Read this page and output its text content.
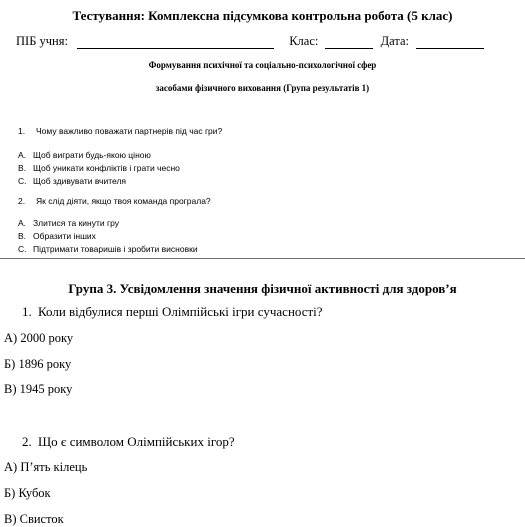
Тестування: Комплексна підсумкова контрольна робота (5 клас)
ПІБ учня:	Клас:	Дата:
Формування психічної та соціально-психологічної сфер
засобами фізичного виховання (Група результатів 1)
1. Чому важливо поважати партнерів під час гри?
A. Щоб виграти будь-якою ціною
B. Щоб уникати конфліктів і грати чесно
C. Щоб здивувати вчителя
2. Як слід діяти, якщо твоя команда програла?
A. Злитися та кинути гру
B. Образити інших
C. Підтримати товаришів і зробити висновки
Група 3. Усвідомлення значення фізичної активності для здоров’я
1. Коли відбулися перші Олімпійські ігри сучасності?
А) 2000 року
Б) 1896 року
В) 1945 року
2. Що є символом Олімпійських ігор?
А) П’ять кілець
Б) Кубок
В) Свисток
